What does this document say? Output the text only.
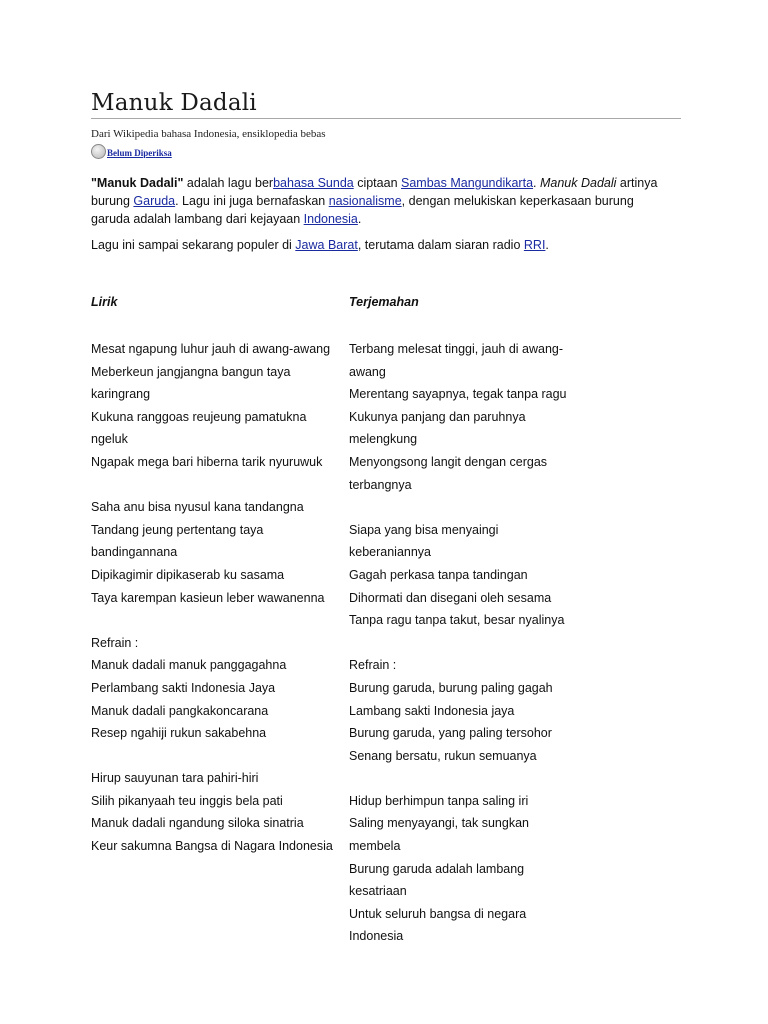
Manuk Dadali
Dari Wikipedia bahasa Indonesia, ensiklopedia bebas
Belum Diperiksa
"Manuk Dadali" adalah lagu berbahasa Sunda ciptaan Sambas Mangundikarta. Manuk Dadali artinya burung Garuda. Lagu ini juga bernafaskan nasionalisme, dengan melukiskan keperkasaan burung garuda adalah lambang dari kejayaan Indonesia.
Lagu ini sampai sekarang populer di Jawa Barat, terutama dalam siaran radio RRI.
Lirik
Mesat ngapung luhur jauh di awang-awang
Meberkeun jangjangna bangun taya
karingrang
Kukuna ranggoas reujeung pamatukna
ngeluk
Ngapak mega bari hiberna tarik nyuruwuk
Saha anu bisa nyusul kana tandangna
Tandang jeung pertentang taya
bandingannana
Dipikagimir dipikaserab ku sasama
Taya karempan kasieun leber wawanenna
Refrain :
Manuk dadali manuk panggagahna
Perlambang sakti Indonesia Jaya
Manuk dadali pangkakoncarana
Resep ngahiji rukun sakabehna
Hirup sauyunan tara pahiri-hiri
Silih pikanyaah teu inggis bela pati
Manuk dadali ngandung siloka sinatria
Keur sakumna Bangsa di Nagara Indonesia
Terjemahan
Terbang melesat tinggi, jauh di awang-
awang
Merentang sayapnya, tegak tanpa ragu
Kukunya panjang dan paruhnya
melengkung
Menyongsong langit dengan cergas
terbangnya
Siapa yang bisa menyaingi keberaniannya
Gagah perkasa tanpa tandingan
Dihormati dan disegani oleh sesama
Tanpa ragu tanpa takut, besar nyalinya
Refrain :
Burung garuda, burung paling gagah
Lambang sakti Indonesia jaya
Burung garuda, yang paling tersohor
Senang bersatu, rukun semuanya
Hidup berhimpun tanpa saling iri
Saling menyayangi, tak sungkan membela
Burung garuda adalah lambang kesatriaan
Untuk seluruh bangsa di negara Indonesia
